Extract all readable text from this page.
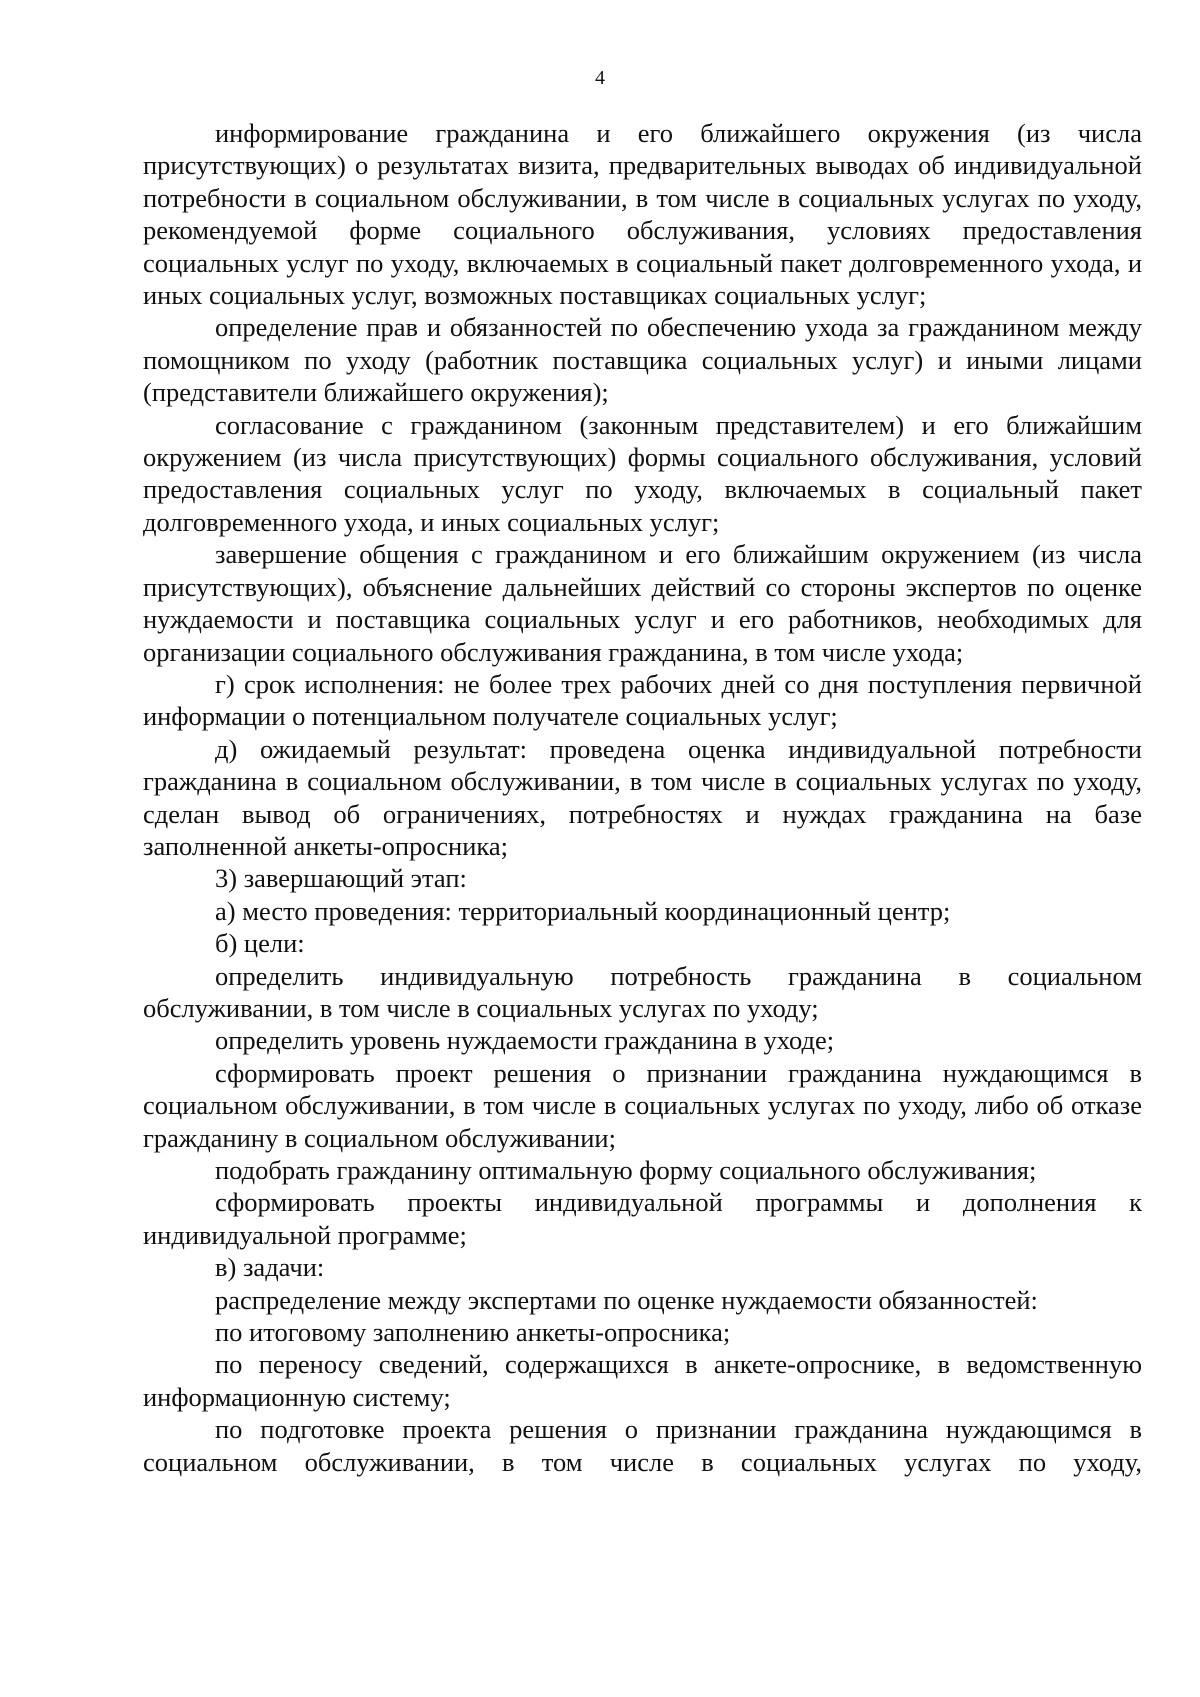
4

информирование гражданина и его ближайшего окружения (из числа присутствующих) о результатах визита, предварительных выводах об индивидуальной потребности в социальном обслуживании, в том числе в социальных услугах по уходу, рекомендуемой форме социального обслуживания, условиях предоставления социальных услуг по уходу, включаемых в социальный пакет долговременного ухода, и иных социальных услуг, возможных поставщиках социальных услуг;

определение прав и обязанностей по обеспечению ухода за гражданином между помощником по уходу (работник поставщика социальных услуг) и иными лицами (представители ближайшего окружения);

согласование с гражданином (законным представителем) и его ближайшим окружением (из числа присутствующих) формы социального обслуживания, условий предоставления социальных услуг по уходу, включаемых в социальный пакет долговременного ухода, и иных социальных услуг;

завершение общения с гражданином и его ближайшим окружением (из числа присутствующих), объяснение дальнейших действий со стороны экспертов по оценке нуждаемости и поставщика социальных услуг и его работников, необходимых для организации социального обслуживания гражданина, в том числе ухода;

г) срок исполнения: не более трех рабочих дней со дня поступления первичной информации о потенциальном получателе социальных услуг;

д) ожидаемый результат: проведена оценка индивидуальной потребности гражданина в социальном обслуживании, в том числе в социальных услугах по уходу, сделан вывод об ограничениях, потребностях и нуждах гражданина на базе заполненной анкеты-опросника;

3) завершающий этап:

а) место проведения: территориальный координационный центр;

б) цели:

определить индивидуальную потребность гражданина в социальном обслуживании, в том числе в социальных услугах по уходу;

определить уровень нуждаемости гражданина в уходе;

сформировать проект решения о признании гражданина нуждающимся в социальном обслуживании, в том числе в социальных услугах по уходу, либо об отказе гражданину в социальном обслуживании;

подобрать гражданину оптимальную форму социального обслуживания;

сформировать проекты индивидуальной программы и дополнения к индивидуальной программе;

в) задачи:

распределение между экспертами по оценке нуждаемости обязанностей:

по итоговому заполнению анкеты-опросника;

по переносу сведений, содержащихся в анкете-опроснике, в ведомственную информационную систему;

по подготовке проекта решения о признании гражданина нуждающимся в социальном обслуживании, в том числе в социальных услугах по уходу,
